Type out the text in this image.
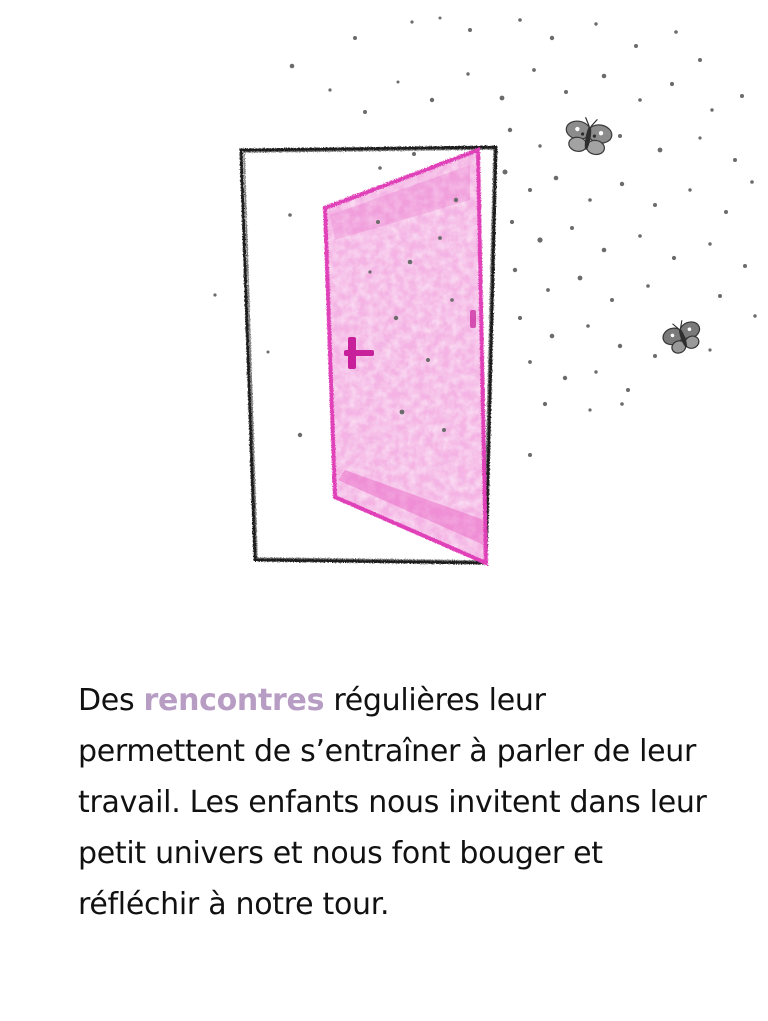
Des rencontres régulières leur permettent de s’entraîner à parler de leur travail. Les enfants nous invitent dans leur petit univers et nous font bouger et réfléchir à notre tour.
